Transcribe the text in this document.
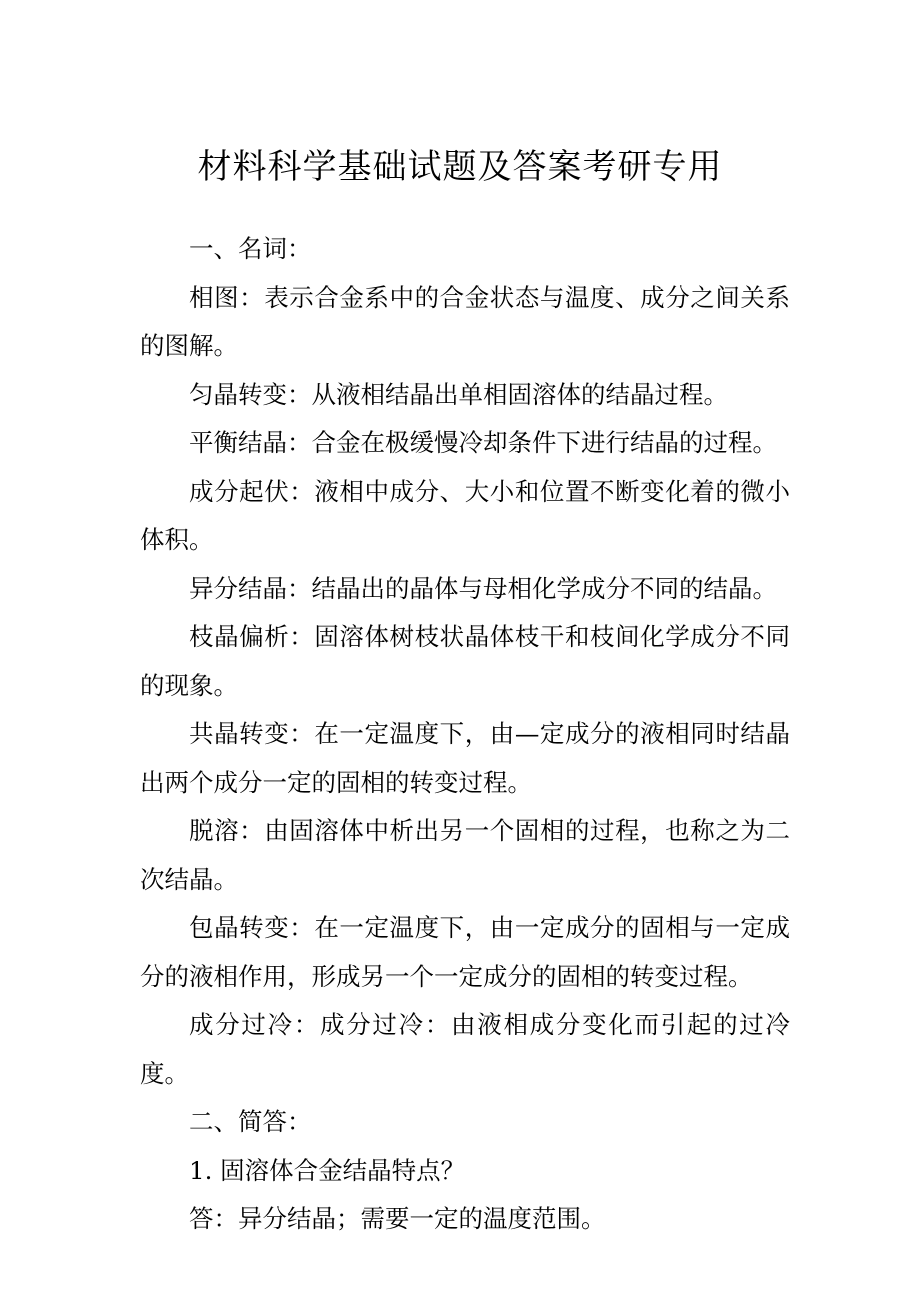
材料科学基础试题及答案考研专用

一、名词：

相图：表示合金系中的合金状态与温度、成分之间关系的图解。

匀晶转变：从液相结晶出单相固溶体的结晶过程。

平衡结晶：合金在极缓慢冷却条件下进行结晶的过程。

成分起伏：液相中成分、大小和位置不断变化着的微小体积。

异分结晶：结晶出的晶体与母相化学成分不同的结晶。

枝晶偏析：固溶体树枝状晶体枝干和枝间化学成分不同的现象。

共晶转变：在一定温度下，由—定成分的液相同时结晶出两个成分一定的固相的转变过程。

脱溶：由固溶体中析出另一个固相的过程，也称之为二次结晶。

包晶转变：在一定温度下，由一定成分的固相与一定成分的液相作用，形成另一个一定成分的固相的转变过程。

成分过冷：成分过冷：由液相成分变化而引起的过冷度。

二、简答：

1. 固溶体合金结晶特点？

答：异分结晶；需要一定的温度范围。
